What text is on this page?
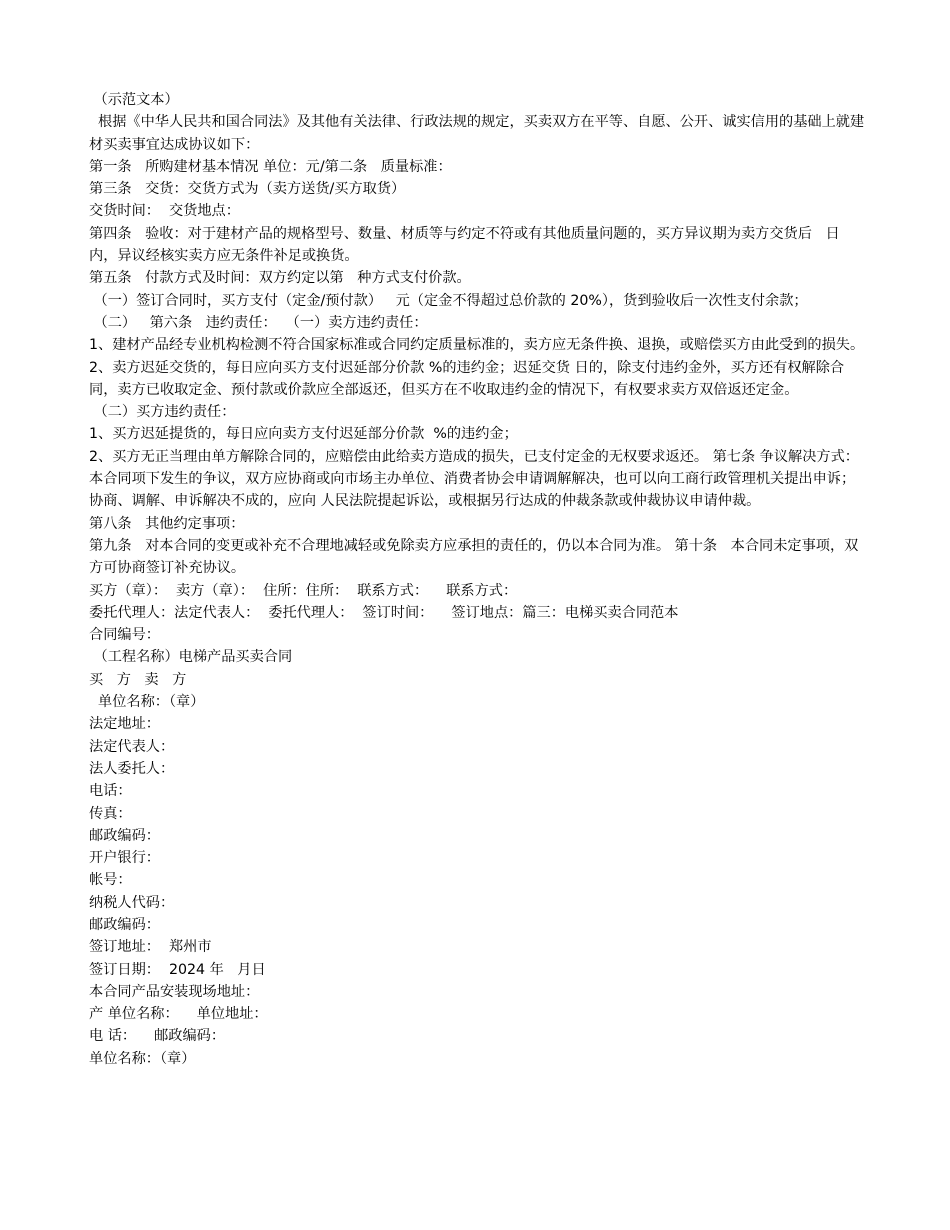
（示范文本）

根据《中华人民共和国合同法》及其他有关法律、行政法规的规定，买卖双方在平等、自愿、公开、诚实信用的基础上就建材买卖事宜达成协议如下：

第一条   所购建材基本情况 单位：元/第二条   质量标准：

第三条   交货：交货方式为（卖方送货/买方取货）

交货时间：  交货地点：

第四条   验收：对于建材产品的规格型号、数量、材质等与约定不符或有其他质量问题的，买方异议期为卖方交货后   日内，异议经核实卖方应无条件补足或换货。

第五条   付款方式及时间：双方约定以第   种方式支付价款。

（一）签订合同时，买方支付（定金/预付款）   元（定金不得超过总价款的 20%），货到验收后一次性支付余款；

（二）   第六条   违约责任：  （一）卖方违约责任：

1、建材产品经专业机构检测不符合国家标准或合同约定质量标准的，卖方应无条件换、退换，或赔偿买方由此受到的损失。2、卖方迟延交货的，每日应向买方支付迟延部分价款 %的违约金；迟延交货 日的，除支付违约金外，买方还有权解除合同，卖方已收取定金、预付款或价款应全部返还，但买方在不收取违约金的情况下，有权要求卖方双倍返还定金。

（二）买方违约责任：

1、买方迟延提货的，每日应向卖方支付迟延部分价款  %的违约金；

2、买方无正当理由单方解除合同的，应赔偿由此给卖方造成的损失，已支付定金的无权要求返还。 第七条 争议解决方式：本合同项下发生的争议，双方应协商或向市场主办单位、消费者协会申请调解解决，也可以向工商行政管理机关提出申诉；协商、调解、申诉解决不成的，应向 人民法院提起诉讼，或根据另行达成的仲裁条款或仲裁协议申请仲裁。

第八条   其他约定事项：

第九条   对本合同的变更或补充不合理地减轻或免除卖方应承担的责任的，仍以本合同为准。 第十条   本合同未定事项，双方可协商签订补充协议。

买方（章）：  卖方（章）：  住所：住所：  联系方式：    联系方式：

委托代理人：法定代表人：  委托代理人：  签订时间：    签订地点：篇三：电梯买卖合同范本

合同编号：

（工程名称）电梯产品买卖合同

买   方   卖   方

单位名称：（章）

法定地址：

法定代表人：

法人委托人：

电话：

传真：

邮政编码：

开户银行：

帐号：

纳税人代码：

邮政编码：

签订地址：  郑州市

签订日期：  2024 年   月日

本合同产品安装现场地址：

产 单位名称：    单位地址：

电 话：    邮政编码：

单位名称：（章）
